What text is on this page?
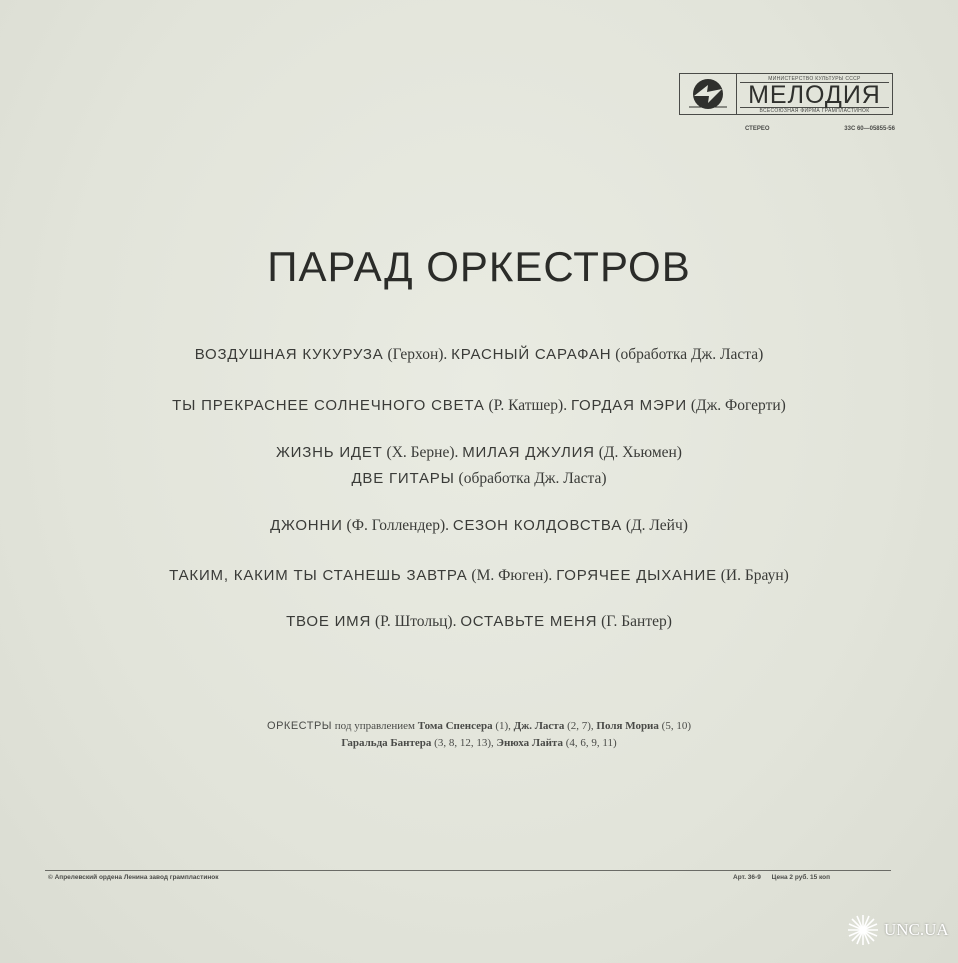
МИНИСТЕРСТВО КУЛЬТУРЫ СССР
МЕЛОДИЯ
ВСЕСОЮЗНАЯ ФИРМА ГРАМПЛАСТИНОК
СТЕРЕО	33С 60—05855-56
ПАРАД ОРКЕСТРОВ
ВОЗДУШНАЯ КУКУРУЗА (Герхон). КРАСНЫЙ САРАФАН (обработка Дж. Ласта)
ТЫ ПРЕКРАСНЕЕ СОЛНЕЧНОГО СВЕТА (Р. Катшер). ГОРДАЯ МЭРИ (Дж. Фогерти)
ЖИЗНЬ ИДЕТ (Х. Берне). МИЛАЯ ДЖУЛИЯ (Д. Хьюмен)
ДВЕ ГИТАРЫ (обработка Дж. Ласта)
ДЖОННИ (Ф. Голлендер). СЕЗОН КОЛДОВСТВА (Д. Лейч)
ТАКИМ, КАКИМ ТЫ СТАНЕШЬ ЗАВТРА (М. Фюген). ГОРЯЧЕЕ ДЫХАНИЕ (И. Браун)
ТВОЕ ИМЯ (Р. Штольц). ОСТАВЬТЕ МЕНЯ (Г. Бантер)
ОРКЕСТРЫ под управлением Тома Спенсера (1), Дж. Ласта (2, 7), Поля Мориа (5, 10)
Гаральда Бантера (3, 8, 12, 13), Энюха Лайта (4, 6, 9, 11)
© Апрелевский ордена Ленина завод грампластинок	Арт. 36-9 Цена 2 руб. 15 коп
UNC.UA
